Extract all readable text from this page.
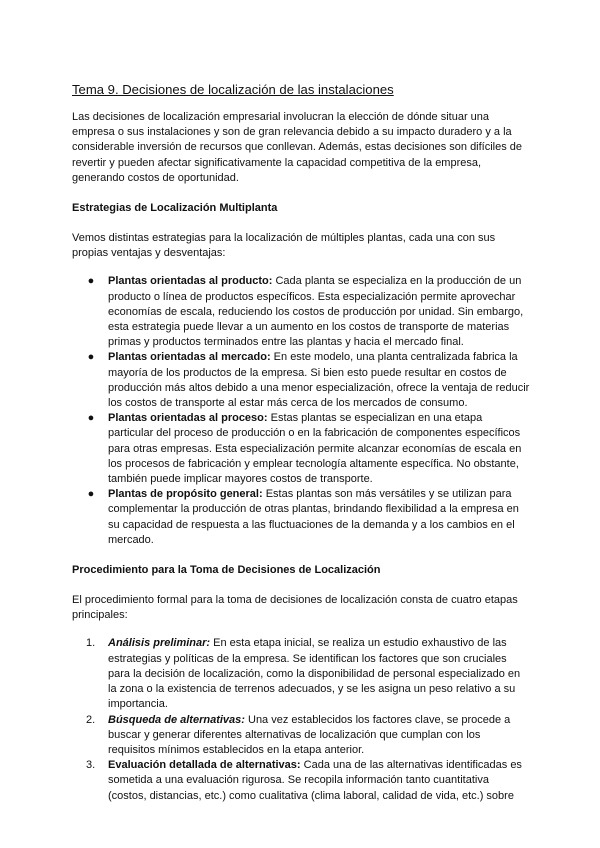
Tema 9. Decisiones de localización de las instalaciones

Las decisiones de localización empresarial involucran la elección de dónde situar una empresa o sus instalaciones y son de gran relevancia debido a su impacto duradero y a la considerable inversión de recursos que conllevan. Además, estas decisiones son difíciles de revertir y pueden afectar significativamente la capacidad competitiva de la empresa, generando costos de oportunidad.

Estrategias de Localización Multiplanta

Vemos distintas estrategias para la localización de múltiples plantas, cada una con sus propias ventajas y desventajas:

● Plantas orientadas al producto: Cada planta se especializa en la producción de un producto o línea de productos específicos. Esta especialización permite aprovechar economías de escala, reduciendo los costos de producción por unidad. Sin embargo, esta estrategia puede llevar a un aumento en los costos de transporte de materias primas y productos terminados entre las plantas y hacia el mercado final.
● Plantas orientadas al mercado: En este modelo, una planta centralizada fabrica la mayoría de los productos de la empresa. Si bien esto puede resultar en costos de producción más altos debido a una menor especialización, ofrece la ventaja de reducir los costos de transporte al estar más cerca de los mercados de consumo.
● Plantas orientadas al proceso: Estas plantas se especializan en una etapa particular del proceso de producción o en la fabricación de componentes específicos para otras empresas. Esta especialización permite alcanzar economías de escala en los procesos de fabricación y emplear tecnología altamente específica. No obstante, también puede implicar mayores costos de transporte.
● Plantas de propósito general: Estas plantas son más versátiles y se utilizan para complementar la producción de otras plantas, brindando flexibilidad a la empresa en su capacidad de respuesta a las fluctuaciones de la demanda y a los cambios en el mercado.
Procedimiento para la Toma de Decisiones de Localización

El procedimiento formal para la toma de decisiones de localización consta de cuatro etapas principales:

1.	Análisis preliminar: En esta etapa inicial, se realiza un estudio exhaustivo de las estrategias y políticas de la empresa. Se identifican los factores que son cruciales para la decisión de localización, como la disponibilidad de personal especializado en la zona o la existencia de terrenos adecuados, y se les asigna un peso relativo a su importancia.
2.	Búsqueda de alternativas: Una vez establecidos los factores clave, se procede a buscar y generar diferentes alternativas de localización que cumplan con los requisitos mínimos establecidos en la etapa anterior.
3.	Evaluación detallada de alternativas: Cada una de las alternativas identificadas es sometida a una evaluación rigurosa. Se recopila información tanto cuantitativa (costos, distancias, etc.) como cualitativa (clima laboral, calidad de vida, etc.) sobre
